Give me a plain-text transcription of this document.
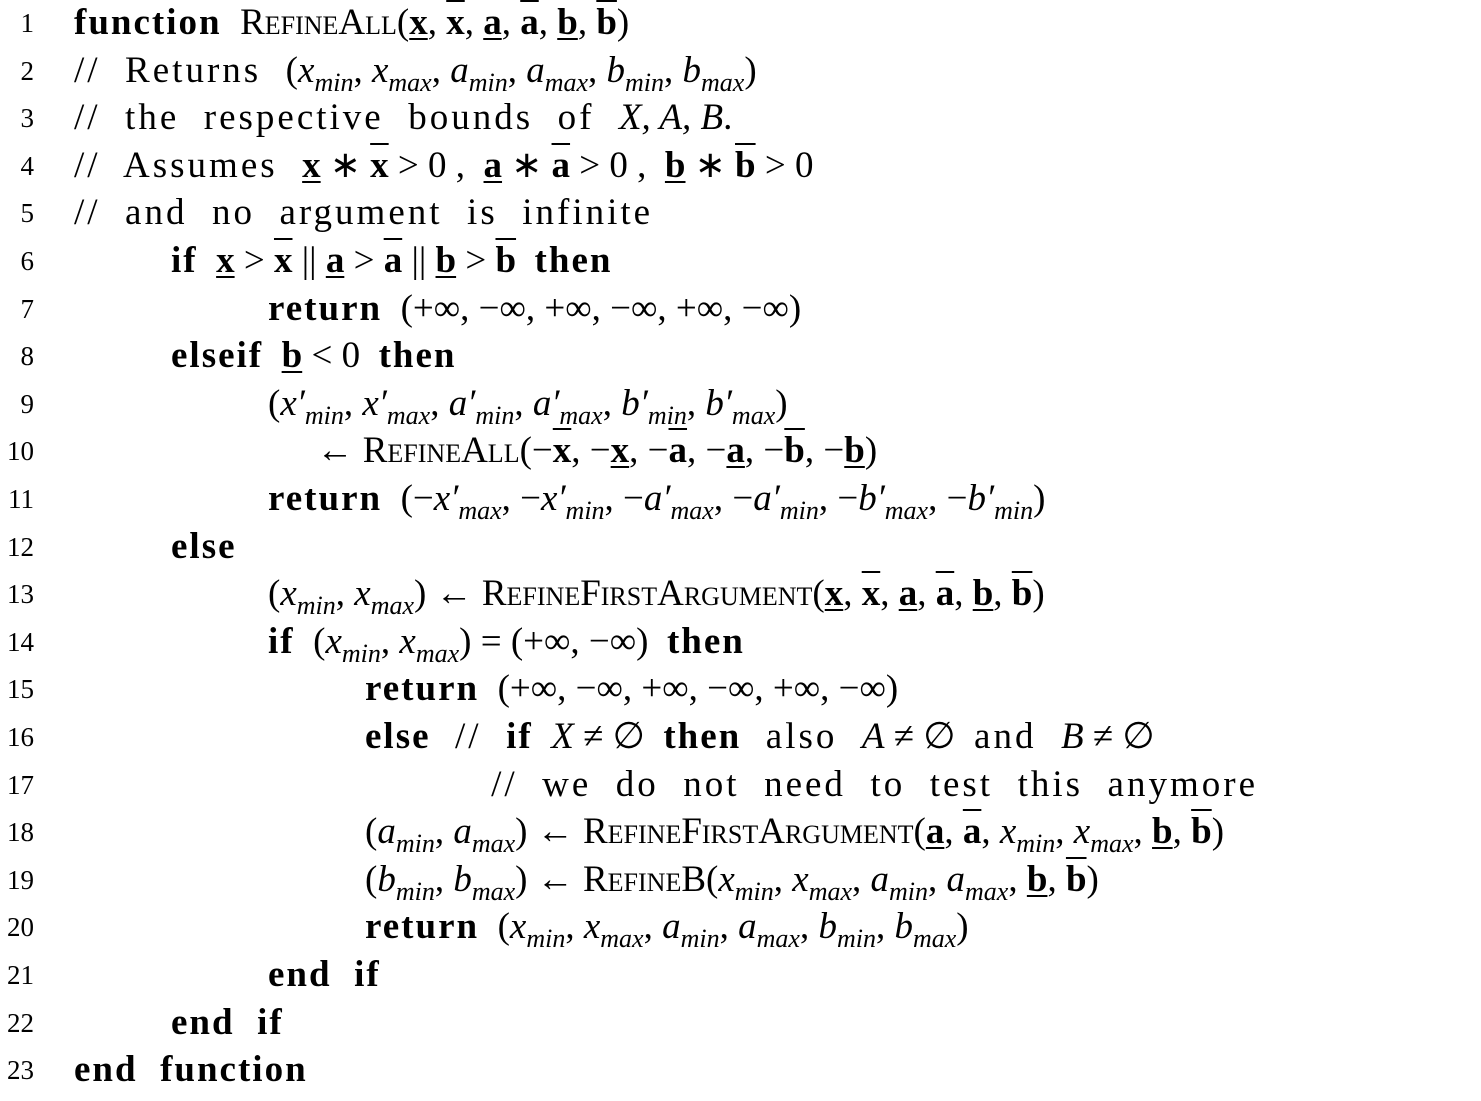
1 function RefineAll(x, $\overline{x}$, a, $\overline{a}$, b, $\overline{b}$)
2 //  Returns  ($x_{min}$, $x_{max}$, $a_{min}$, $a_{max}$, $b_{min}$, $b_{max}$)
3 //  the  respective  bounds  of  X, A, B.
4 //  Assumes  x ∗ $\overline{x} > 0$ ,  a ∗ $\overline{a} > 0$ ,  b ∗ $\overline{b} > 0$
5 //  and  no  argument  is  infinite
6	if $x > \overline{x}$ || $a > \overline{a}$ || $b > \overline{b}$ then
7	return  (+∞, −∞, +∞, −∞, +∞, −∞)
8	elseif b < 0  then
9	($x'_{min}$, $x'_{max}$, $a'_{min}$, $a'_{max}$, $b'_{min}$, $b'_{max}$)
10	← $RefineAll(-\overline{x}$, −x, $-\overline{a}$, −a, $-\overline{b}$, −b)
11	return  ($-x'_{max}$, $-x'_{min}$, $-a'_{max}$, $-a'_{min}$, $-b'_{max}$, $-b'_{min}$)
12	else
13	($x_{min}$, $x_{max}$) ← RefineFirstArgument(x, $\overline{x}$, a, $\overline{a}$, b, $\overline{b}$)
14	if  ($x_{min}$, $x_{max}$) = (+∞, −∞)  then
15	return  (+∞, −∞, +∞, −∞, +∞, −∞)
16	else  //  if X ≠ ∅  then  also  A ≠ ∅  and  B ≠ ∅
17	//  we  do  not  need  to  test  this  anymore
18	($a_{min}$, $a_{max}$) ← RefineFirstArgument(a, $\overline{a}$, $x_{min}$, $x_{max}$, b, $\overline{b}$)
19	($b_{min}$, $b_{max}$) ← $RefineB(x_{min}$, $x_{max}$, $a_{min}$, $a_{max}$, b, $\overline{b}$)
20	return  ($x_{min}$, $x_{max}$, $a_{min}$, $a_{max}$, $b_{min}$, $b_{max}$)
21	end  if
22	end  if
23 end  function
